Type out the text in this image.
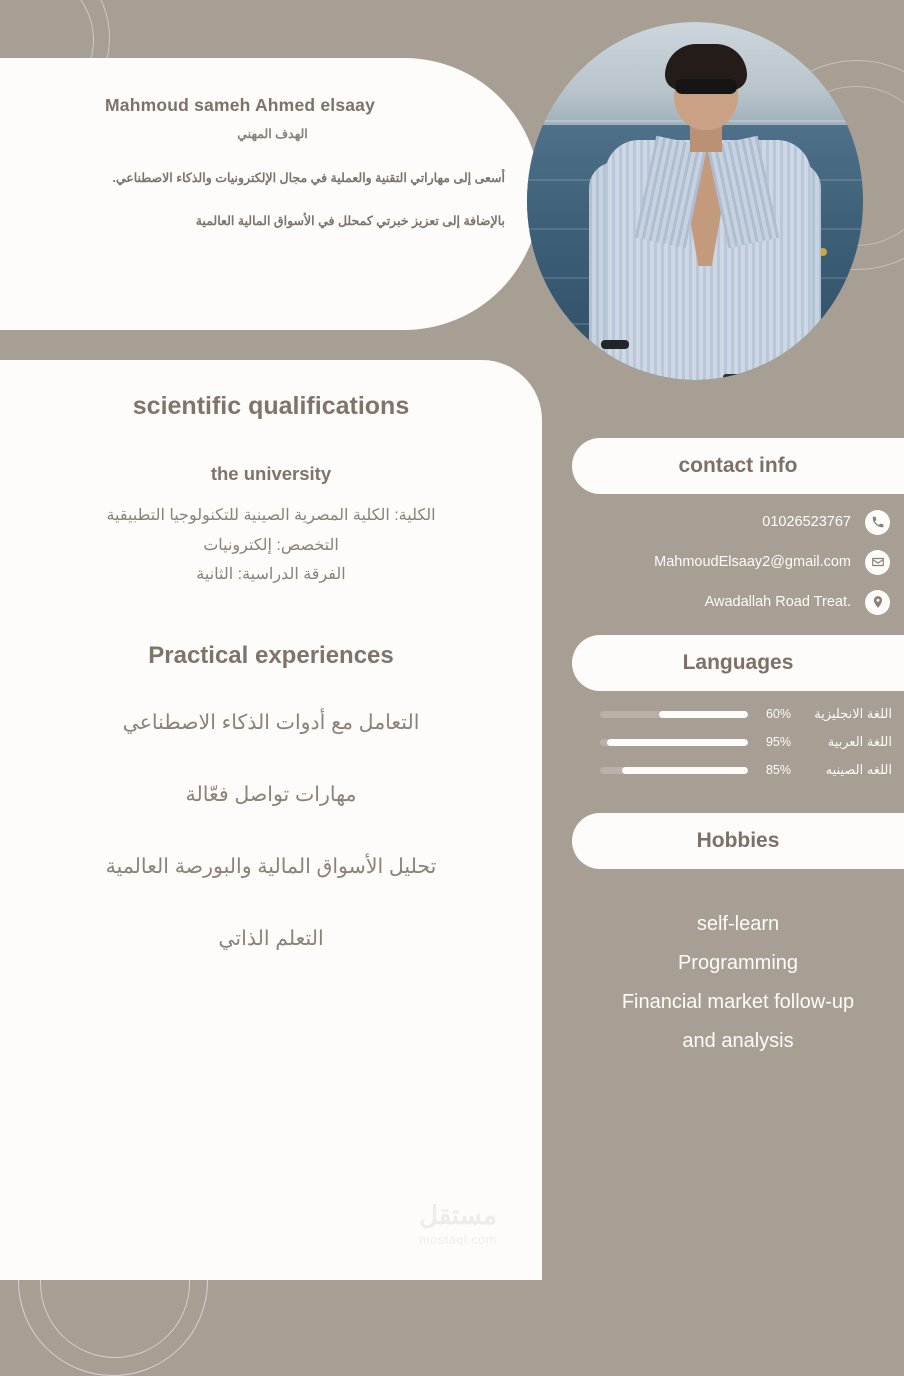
Mahmoud sameh Ahmed elsaay
الهدف المهني
أسعى إلى مهاراتي التقنية والعملية في مجال الإلكترونيات والذكاء الاصطناعي.
بالإضافة إلى تعزيز خبرتي كمحلل في الأسواق المالية العالمية
scientific qualifications
the university
الكلية: الكلية المصرية الصينية للتكنولوجيا التطبيقية
التخصص: إلكترونيات
الفرقة الدراسية: الثانية
Practical experiences
التعامل مع أدوات الذكاء الاصطناعي
مهارات تواصل فعّالة
تحليل الأسواق المالية والبورصة العالمية
التعلم الذاتي
contact info
01026523767
MahmoudElsaay2@gmail.com
Awadallah Road Treat.
Languages
60%	اللغة الانجليزية
95%	اللغة العربية
85%	اللغه الصينيه
Hobbies
self-learn
Programming
Financial market follow-up
and analysis
مستقل
mostaql.com
